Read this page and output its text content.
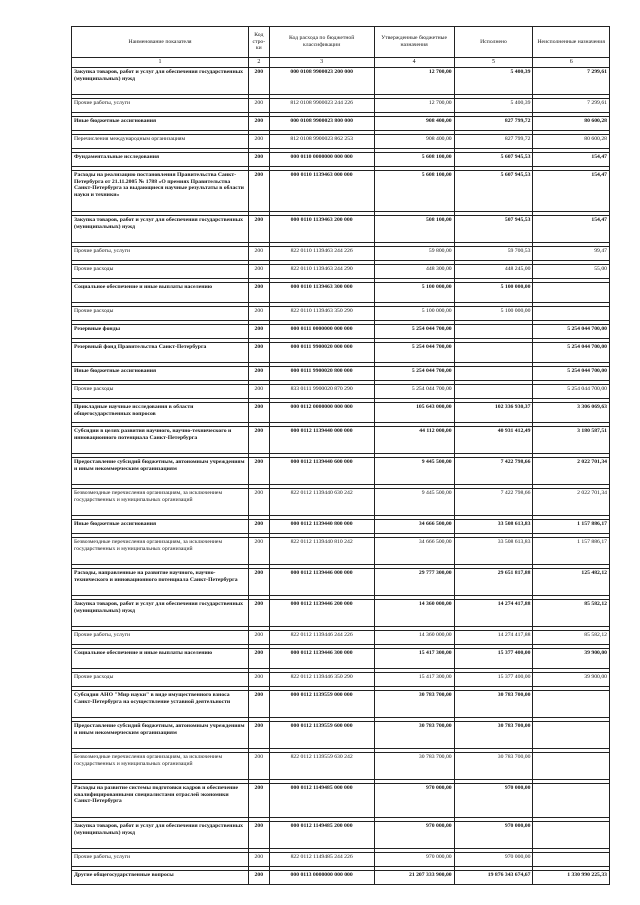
Наименование показателя	Код стро-ки	Код расхода по бюджетной классификации	Утвержденные бюджетные назначения	Исполнено	Неисполненные назначения
1	2	3	4	5	6
Закупка товаров, работ и услуг для обеспечения государственных (муниципальных) нужд	200	000 0108 9900023 200 000	12 700,00	5 400,39	7 299,61

Прочие работы, услуги	200	812 0108 9900023 244 226	12 700,00	5 400,39	7 299,61

Иные бюджетные ассигнования	200	000 0108 9900023 800 000	908 400,00	827 799,72	80 600,28

Перечисления международным организациям	200	812 0108 9900023 862 253	908 400,00	827 799,72	80 600,28

Фундаментальные исследования	200	000 0110 0000000 000 000	5 608 100,00	5 607 945,53	154,47

Расходы на реализацию постановления Правительства Санкт-Петербурга от 21.11.2005 № 1788 «О премиях Правительства Санкт-Петербурга за выдающиеся научные результаты в области науки и техники»	200	000 0110 1139463 000 000	5 608 100,00	5 607 945,53	154,47

Закупка товаров, работ и услуг для обеспечения государственных (муниципальных) нужд	200	000 0110 1139463 200 000	508 100,00	507 945,53	154,47

Прочие работы, услуги	200	822 0110 1139463 244 226	59 800,00	59 700,53	99,47

Прочие расходы	200	822 0110 1139463 244 290	448 300,00	448 245,00	55,00

Социальное обеспечение и иные выплаты населению	200	000 0110 1139463 300 000	5 100 000,00	5 100 000,00	

Прочие расходы	200	822 0110 1139463 350 290	5 100 000,00	5 100 000,00	

Резервные фонды	200	000 0111 0000000 000 000	5 254 044 700,00		5 254 044 700,00

Резервный фонд Правительства Санкт-Петербурга	200	000 0111 9900020 000 000	5 254 044 700,00		5 254 044 700,00

Иные бюджетные ассигнования	200	000 0111 9900020 800 000	5 254 044 700,00		5 254 044 700,00

Прочие расходы	200	833 0111 9900020 870 290	5 254 044 700,00		5 254 044 700,00

Прикладные научные исследования в области общегосударственных вопросов	200	000 0112 0000000 000 000	105 643 000,00	102 336 930,37	3 306 069,63

Субсидии в целях развития научного, научно-технического и инновационного потенциала Санкт-Петербурга	200	000 0112 1139440 000 000	44 112 000,00	40 931 412,49	3 180 587,51

Предоставление субсидий бюджетным, автономным учреждениям и иным некоммерческим организациям	200	000 0112 1139440 600 000	9 445 500,00	7 422 798,66	2 022 701,34

Безвозмездные перечисления организациям, за исключением государственных и муниципальных организаций	200	822 0112 1139440 630 242	9 445 500,00	7 422 798,66	2 022 701,34

Иные бюджетные ассигнования	200	000 0112 1139440 800 000	34 666 500,00	33 508 613,83	1 157 886,17

Безвозмездные перечисления организациям, за исключением государственных и муниципальных организаций	200	822 0112 1139440 810 242	34 666 500,00	33 508 613,83	1 157 886,17

Расходы, направленные на развитие научного, научно-технического и инновационного потенциала Санкт-Петербурга	200	000 0112 1139446 000 000	29 777 300,00	29 651 817,88	125 482,12

Закупка товаров, работ и услуг для обеспечения государственных (муниципальных) нужд	200	000 0112 1139446 200 000	14 360 000,00	14 274 417,88	85 582,12

Прочие работы, услуги	200	822 0112 1139446 244 226	14 360 000,00	14 274 417,88	85 582,12

Социальное обеспечение и иные выплаты населению	200	000 0112 1139446 300 000	15 417 300,00	15 377 400,00	39 900,00

Прочие расходы	200	822 0112 1139446 350 290	15 417 300,00	15 377 400,00	39 900,00

Субсидия АНО "Мир науки" в виде имущественного взноса Санкт-Петербурга на осуществление уставной деятельности	200	000 0112 1139559 000 000	30 783 700,00	30 783 700,00	

Предоставление субсидий бюджетным, автономным учреждениям и иным некоммерческим организациям	200	000 0112 1139559 600 000	30 783 700,00	30 783 700,00	

Безвозмездные перечисления организациям, за исключением государственных и муниципальных организаций	200	822 0112 1139559 630 242	30 783 700,00	30 783 700,00	

Расходы на развитие системы подготовки кадров и обеспечение квалифицированными специалистами отраслей экономики Санкт-Петербурга	200	000 0112 1149485 000 000	970 000,00	970 000,00	

Закупка товаров, работ и услуг для обеспечения государственных (муниципальных) нужд	200	000 0112 1149485 200 000	970 000,00	970 000,00	

Прочие работы, услуги	200	822 0112 1149485 244 226	970 000,00	970 000,00	

Другие общегосударственные вопросы	200	000 0113 0000000 000 000	21 207 333 900,00	19 876 343 674,67	1 330 990 225,33
